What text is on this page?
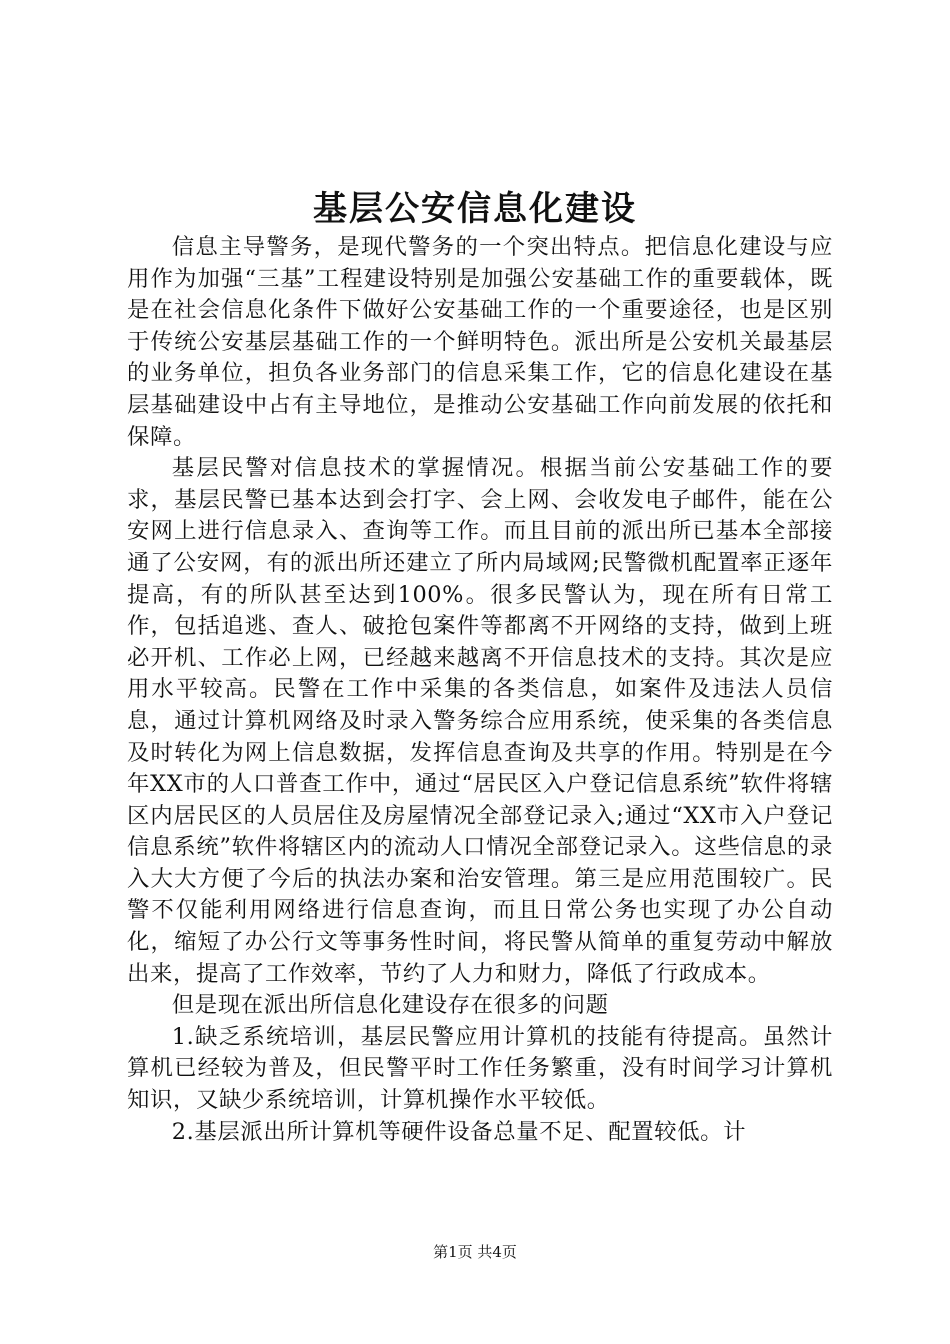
基层公安信息化建设

信息主导警务，是现代警务的一个突出特点。把信息化建设与应用作为加强“三基”工程建设特别是加强公安基础工作的重要载体，既是在社会信息化条件下做好公安基础工作的一个重要途径，也是区别于传统公安基层基础工作的一个鲜明特色。派出所是公安机关最基层的业务单位，担负各业务部门的信息采集工作，它的信息化建设在基层基础建设中占有主导地位，是推动公安基础工作向前发展的依托和保障。

基层民警对信息技术的掌握情况。根据当前公安基础工作的要求，基层民警已基本达到会打字、会上网、会收发电子邮件，能在公安网上进行信息录入、查询等工作。而且目前的派出所已基本全部接通了公安网，有的派出所还建立了所内局域网;民警微机配置率正逐年提高，有的所队甚至达到100%。很多民警认为，现在所有日常工作，包括追逃、查人、破抢包案件等都离不开网络的支持，做到上班必开机、工作必上网，已经越来越离不开信息技术的支持。其次是应用水平较高。民警在工作中采集的各类信息，如案件及违法人员信息，通过计算机网络及时录入警务综合应用系统，使采集的各类信息及时转化为网上信息数据，发挥信息查询及共享的作用。特别是在今年XX市的人口普查工作中，通过“居民区入户登记信息系统”软件将辖区内居民区的人员居住及房屋情况全部登记录入;通过“XX市入户登记信息系统”软件将辖区内的流动人口情况全部登记录入。这些信息的录入大大方便了今后的执法办案和治安管理。第三是应用范围较广。民警不仅能利用网络进行信息查询，而且日常公务也实现了办公自动化，缩短了办公行文等事务性时间，将民警从简单的重复劳动中解放出来，提高了工作效率，节约了人力和财力，降低了行政成本。

但是现在派出所信息化建设存在很多的问题

1.缺乏系统培训，基层民警应用计算机的技能有待提高。虽然计算机已经较为普及，但民警平时工作任务繁重，没有时间学习计算机知识，又缺少系统培训，计算机操作水平较低。

2.基层派出所计算机等硬件设备总量不足、配置较低。计

第1页 共4页
